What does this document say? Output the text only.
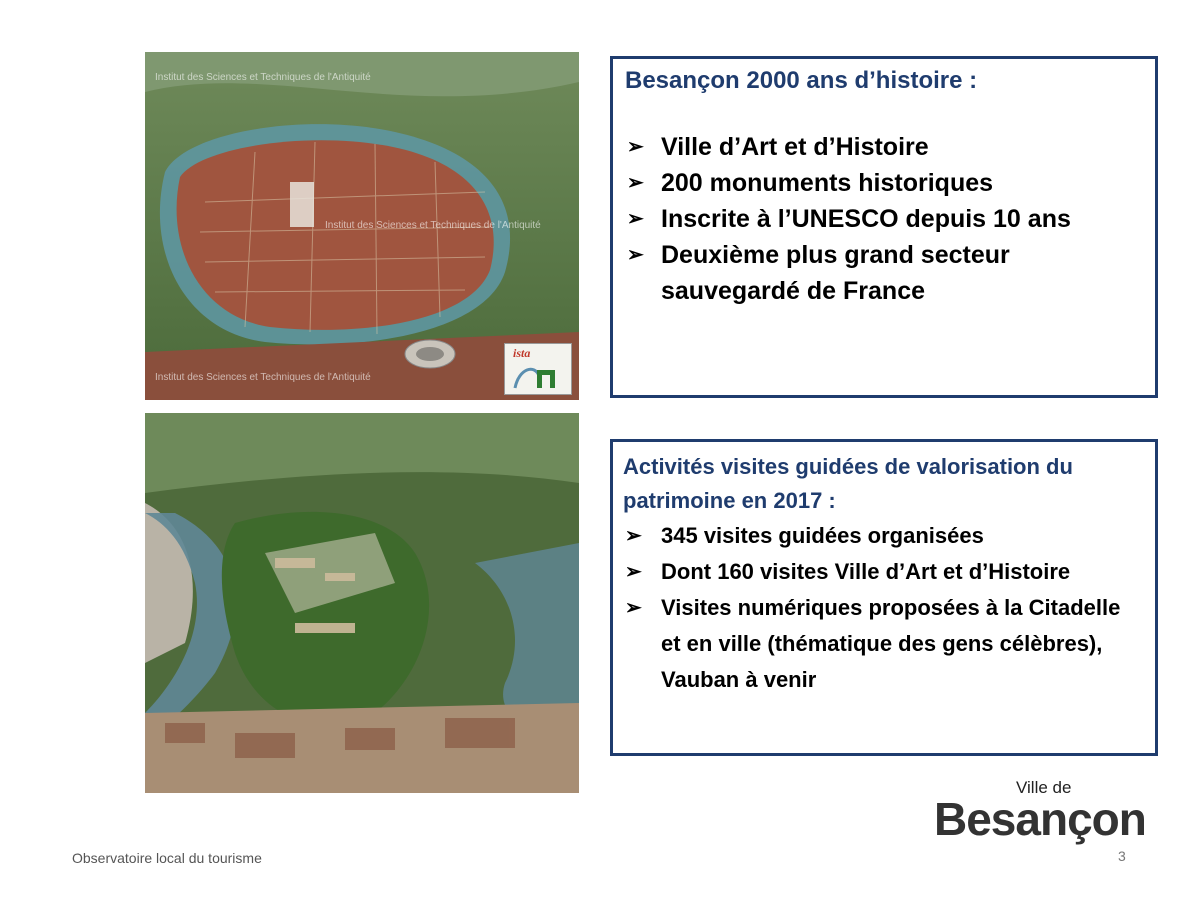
Institut des Sciences et Techniques de l'Antiquité
Institut des Sciences et Techniques de l'Antiquité
Institut des Sciences et Techniques de l'Antiquité
ista
Besançon 2000 ans d’histoire :
➢ Ville d’Art et d’Histoire
➢ 200 monuments historiques
➢ Inscrite à l’UNESCO depuis 10 ans
➢ Deuxième plus grand secteur sauvegardé de France
Activités visites guidées de valorisation du patrimoine en 2017 :
➢ 345 visites guidées organisées
➢ Dont 160 visites Ville d’Art et d’Histoire
➢ Visites numériques proposées à la Citadelle et en ville (thématique des gens célèbres), Vauban à venir
Ville de
Besançon
Observatoire local du tourisme	3
